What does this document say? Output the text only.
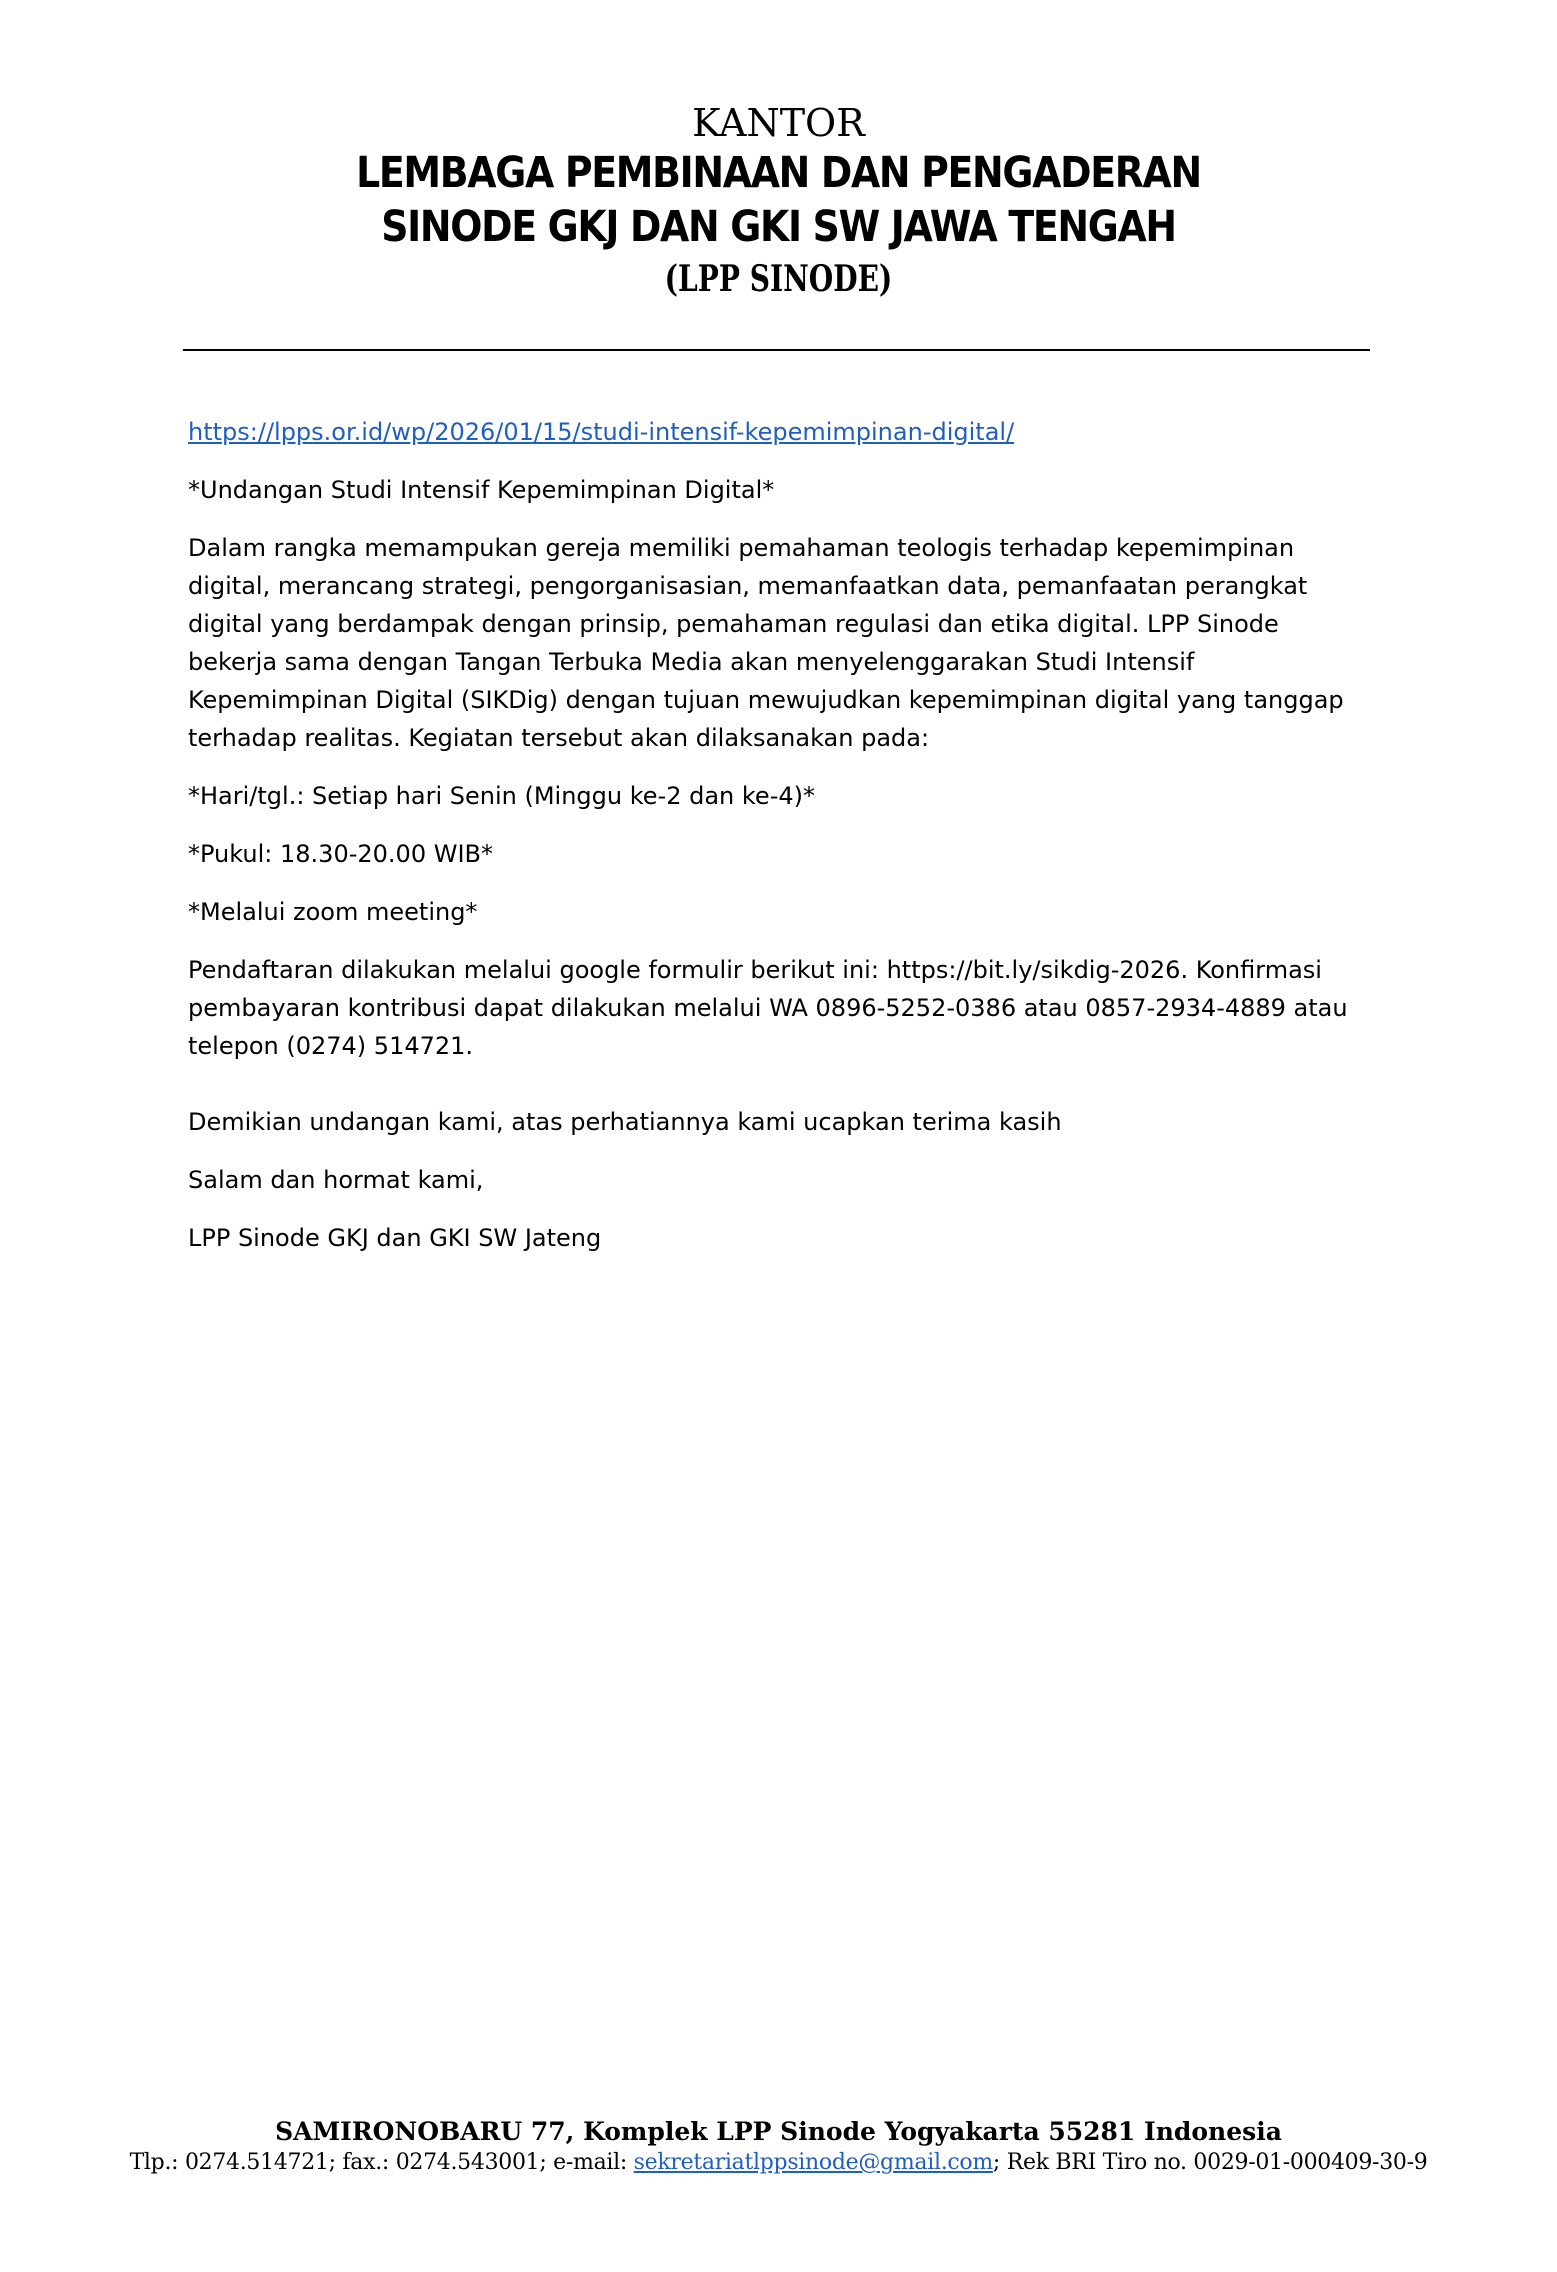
KANTOR

LEMBAGA PEMBINAAN DAN PENGADERAN

SINODE GKJ DAN GKI SW JAWA TENGAH

(LPP SINODE)

https://lpps.or.id/wp/2026/01/15/studi-intensif-kepemimpinan-digital/

*Undangan Studi Intensif Kepemimpinan Digital*

Dalam rangka memampukan gereja memiliki pemahaman teologis terhadap kepemimpinan digital, merancang strategi, pengorganisasian, memanfaatkan data, pemanfaatan perangkat digital yang berdampak dengan prinsip, pemahaman regulasi dan etika digital. LPP Sinode bekerja sama dengan Tangan Terbuka Media akan menyelenggarakan Studi Intensif Kepemimpinan Digital (SIKDig) dengan tujuan mewujudkan kepemimpinan digital yang tanggap terhadap realitas. Kegiatan tersebut akan dilaksanakan pada:

*Hari/tgl.: Setiap hari Senin (Minggu ke-2 dan ke-4)*

*Pukul: 18.30-20.00 WIB*

*Melalui zoom meeting*

Pendaftaran dilakukan melalui google formulir berikut ini: https://bit.ly/sikdig-2026. Konfirmasi pembayaran kontribusi dapat dilakukan melalui WA 0896-5252-0386 atau 0857-2934-4889 atau telepon (0274) 514721.

Demikian undangan kami, atas perhatiannya kami ucapkan terima kasih

Salam dan hormat kami,

LPP Sinode GKJ dan GKI SW Jateng

SAMIRONOBARU 77, Komplek LPP Sinode Yogyakarta 55281 Indonesia

Tlp.: 0274.514721; fax.: 0274.543001; e-mail: sekretariatlppsinode@gmail.com; Rek BRI Tiro no. 0029-01-000409-30-9
